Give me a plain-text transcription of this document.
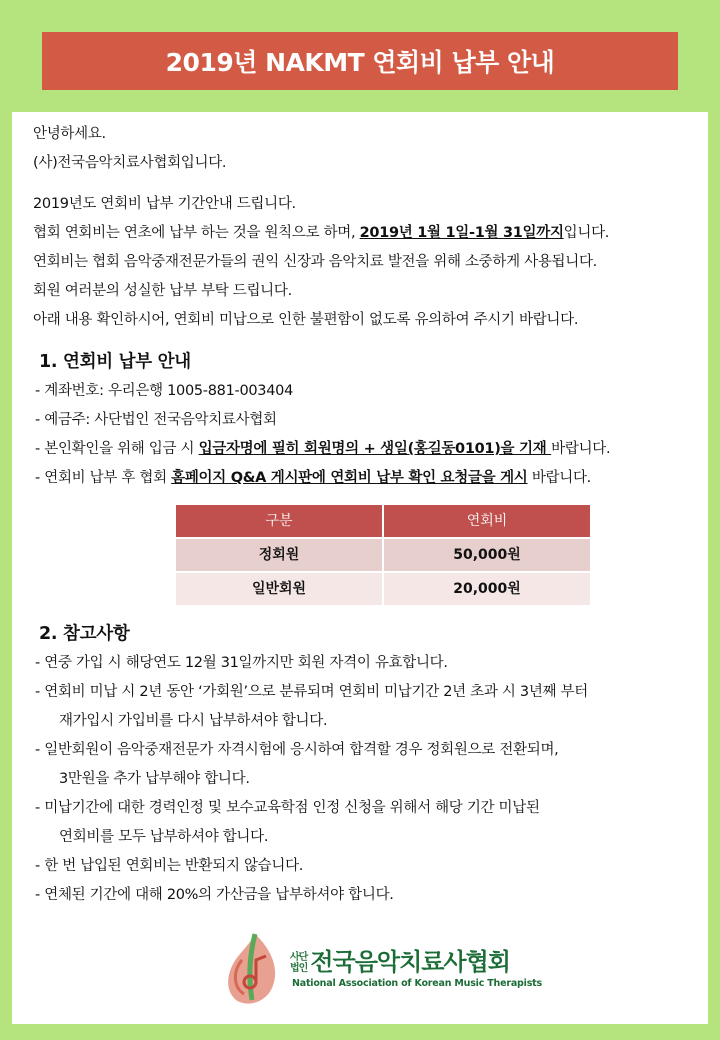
2019년 NAKMT 연회비 납부 안내
안녕하세요.
(사)전국음악치료사협회입니다.
2019년도 연회비 납부 기간안내 드립니다.
협회 연회비는 연초에 납부 하는 것을 원칙으로 하며, 2019년 1월 1일-1월 31일까지입니다.
연회비는 협회 음악중재전문가들의 권익 신장과 음악치료 발전을 위해 소중하게 사용됩니다.
회원 여러분의 성실한 납부 부탁 드립니다.
아래 내용 확인하시어, 연회비 미납으로 인한 불편함이 없도록 유의하여 주시기 바랍니다.
1. 연회비 납부 안내
- 계좌번호: 우리은행 1005-881-003404
- 예금주: 사단법인 전국음악치료사협회
- 본인확인을 위해 입금 시 입금자명에 필히 회원명의 + 생일(홍길동0101)을 기재 바랍니다.
- 연회비 납부 후 협회 홈페이지 Q&A 게시판에 연회비 납부 확인 요청글을 게시 바랍니다.
구분	연회비
정회원	50,000원
일반회원	20,000원
2. 참고사항
- 연중 가입 시 해당연도 12월 31일까지만 회원 자격이 유효합니다.
- 연회비 미납 시 2년 동안 ‘가회원’으로 분류되며 연회비 미납기간 2년 초과 시 3년째 부터
재가입시 가입비를 다시 납부하셔야 합니다.
- 일반회원이 음악중재전문가 자격시험에 응시하여 합격할 경우 정회원으로 전환되며,
3만원을 추가 납부해야 합니다.
- 미납기간에 대한 경력인정 및 보수교육학점 인정 신청을 위해서 해당 기간 미납된
연회비를 모두 납부하셔야 합니다.
- 한 번 납입된 연회비는 반환되지 않습니다.
- 연체된 기간에 대해 20%의 가산금을 납부하셔야 합니다.
사단
법인 전국음악치료사협회
National Association of Korean Music Therapists
